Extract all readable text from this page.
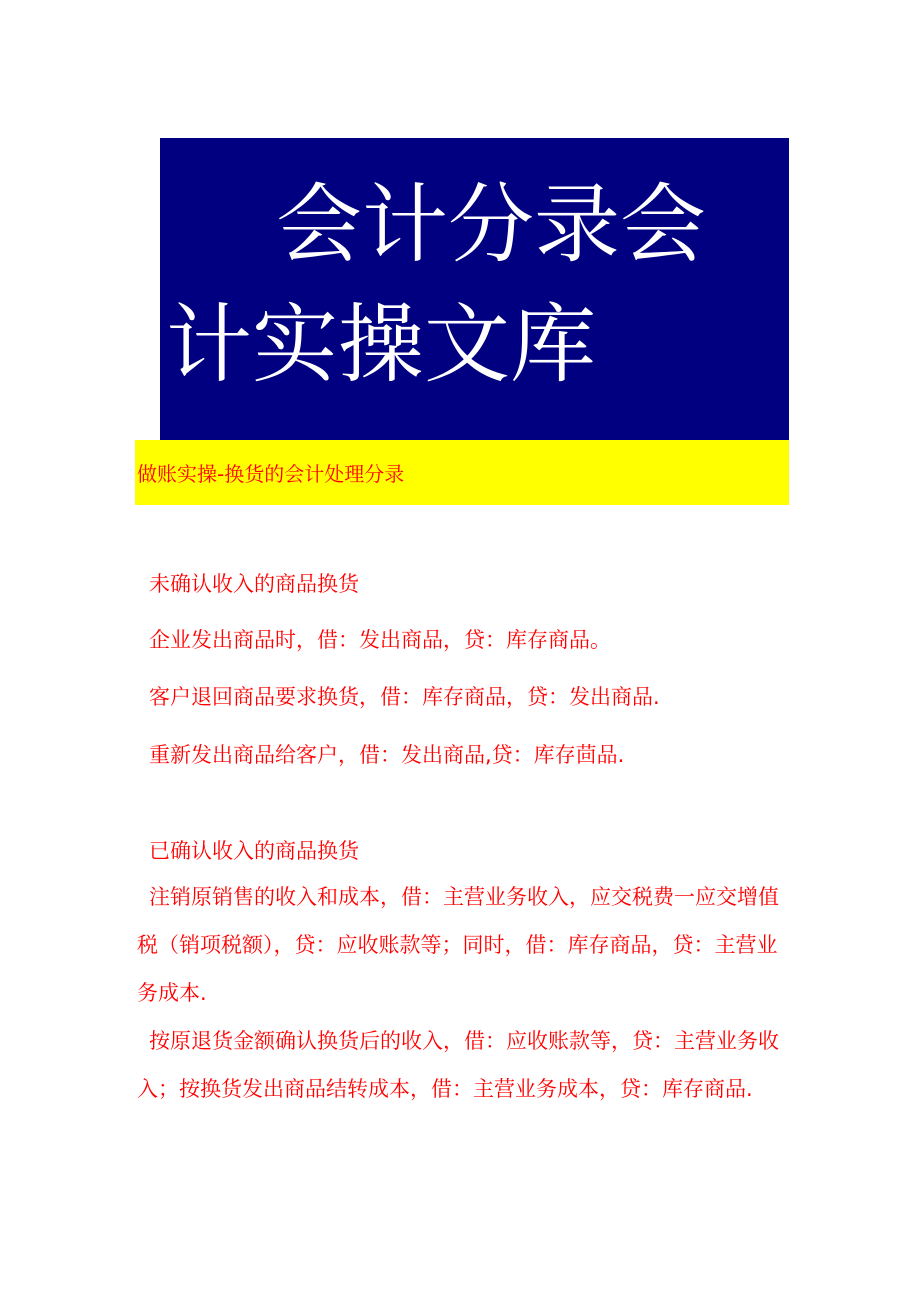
会计分录会
计实操文库
做账实操-换货的会计处理分录
未确认收入的商品换货
企业发出商品时，借：发出商品，贷：库存商品。
客户退回商品要求换货，借：库存商品，贷：发出商品.
重新发出商品给客户，借：发出商品,贷：库存茴品.
已确认收入的商品换货
注销原销售的收入和成本，借：主营业务收入，应交税费一应交增值税（销项税额），贷：应收账款等；同时，借：库存商品，贷：主营业务成本.
按原退货金额确认换货后的收入，借：应收账款等，贷：主营业务收入；按换货发出商品结转成本，借：主营业务成本，贷：库存商品.
